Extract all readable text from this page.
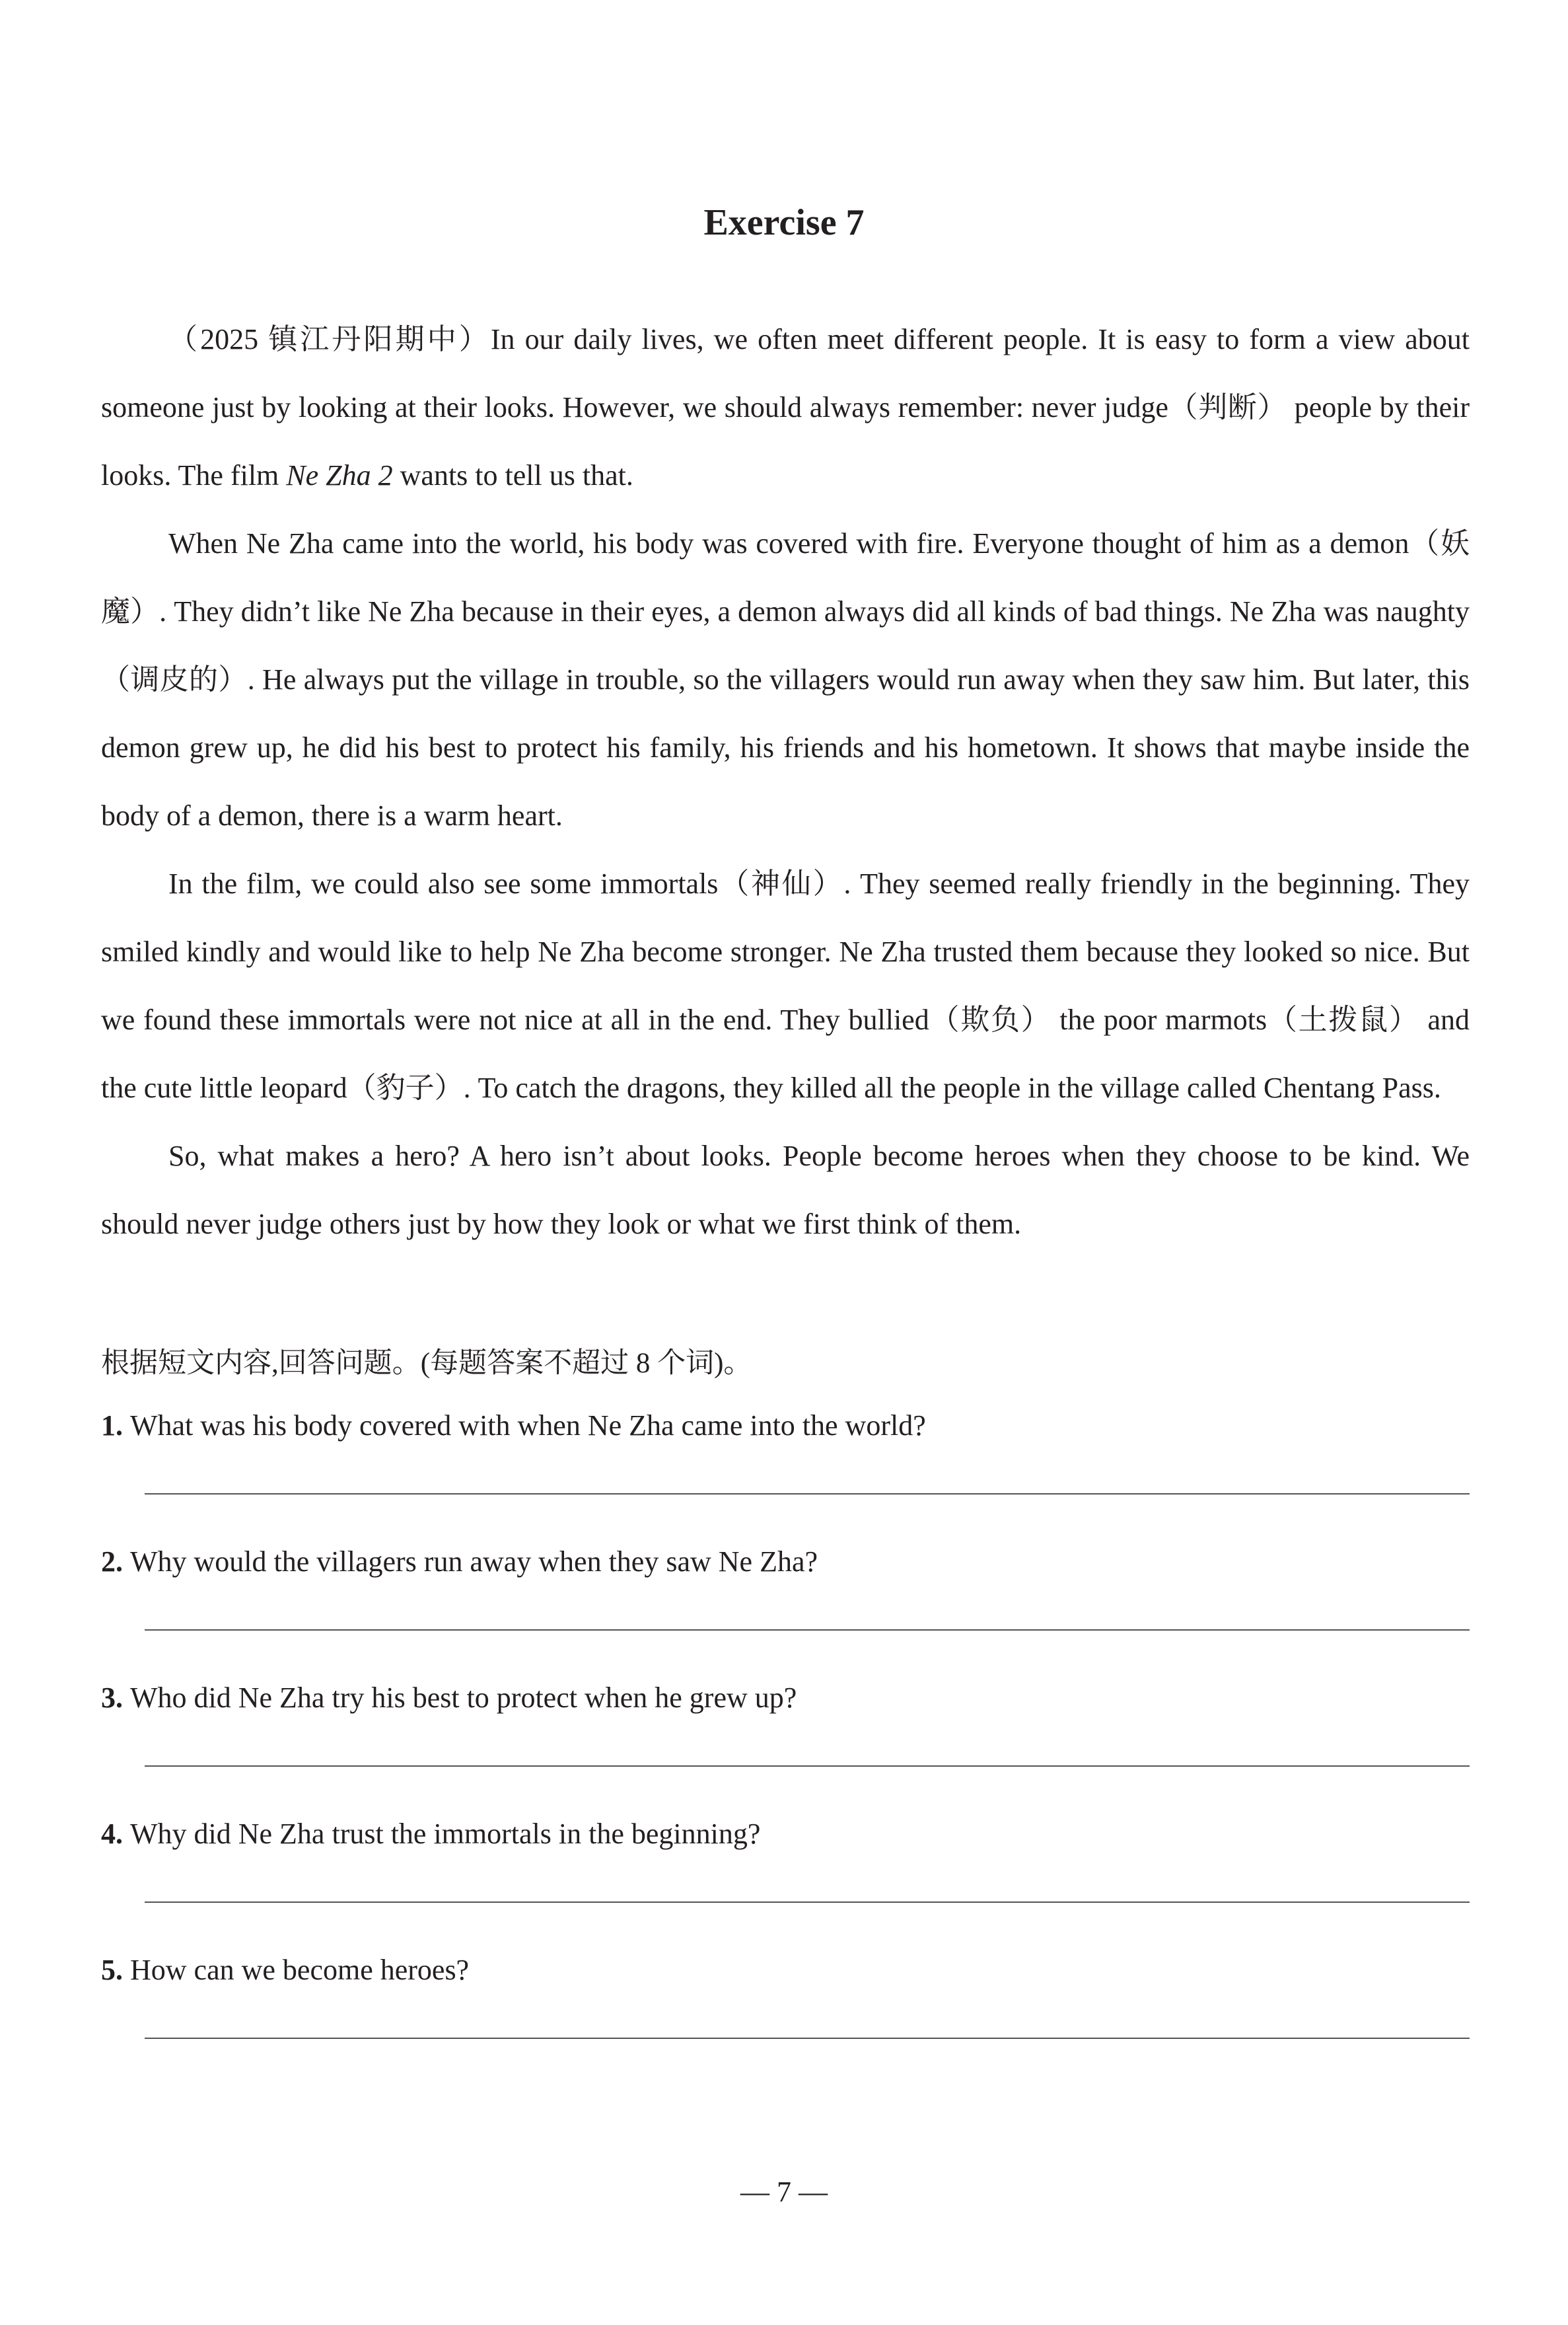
Exercise 7

（2025 镇江丹阳期中）In our daily lives, we often meet different people. It is easy to form a view about someone just by looking at their looks. However, we should always remember: never judge（判断） people by their looks. The film Ne Zha 2 wants to tell us that.

When Ne Zha came into the world, his body was covered with fire. Everyone thought of him as a demon（妖魔）. They didn’t like Ne Zha because in their eyes, a demon always did all kinds of bad things. Ne Zha was naughty（调皮的）. He always put the village in trouble, so the villagers would run away when they saw him. But later, this demon grew up, he did his best to protect his family, his friends and his hometown. It shows that maybe inside the body of a demon, there is a warm heart.

In the film, we could also see some immortals（神仙）. They seemed really friendly in the beginning. They smiled kindly and would like to help Ne Zha become stronger. Ne Zha trusted them because they looked so nice. But we found these immortals were not nice at all in the end. They bullied（欺负） the poor marmots（土拨鼠） and the cute little leopard（豹子）. To catch the dragons, they killed all the people in the village called Chentang Pass.

So, what makes a hero? A hero isn’t about looks. People become heroes when they choose to be kind. We should never judge others just by how they look or what we first think of them.

根据短文内容,回答问题。(每题答案不超过 8 个词)。
1. What was his body covered with when Ne Zha came into the world?
2. Why would the villagers run away when they saw Ne Zha?
3. Who did Ne Zha try his best to protect when he grew up?
4. Why did Ne Zha trust the immortals in the beginning?
5. How can we become heroes?
— 7 —
